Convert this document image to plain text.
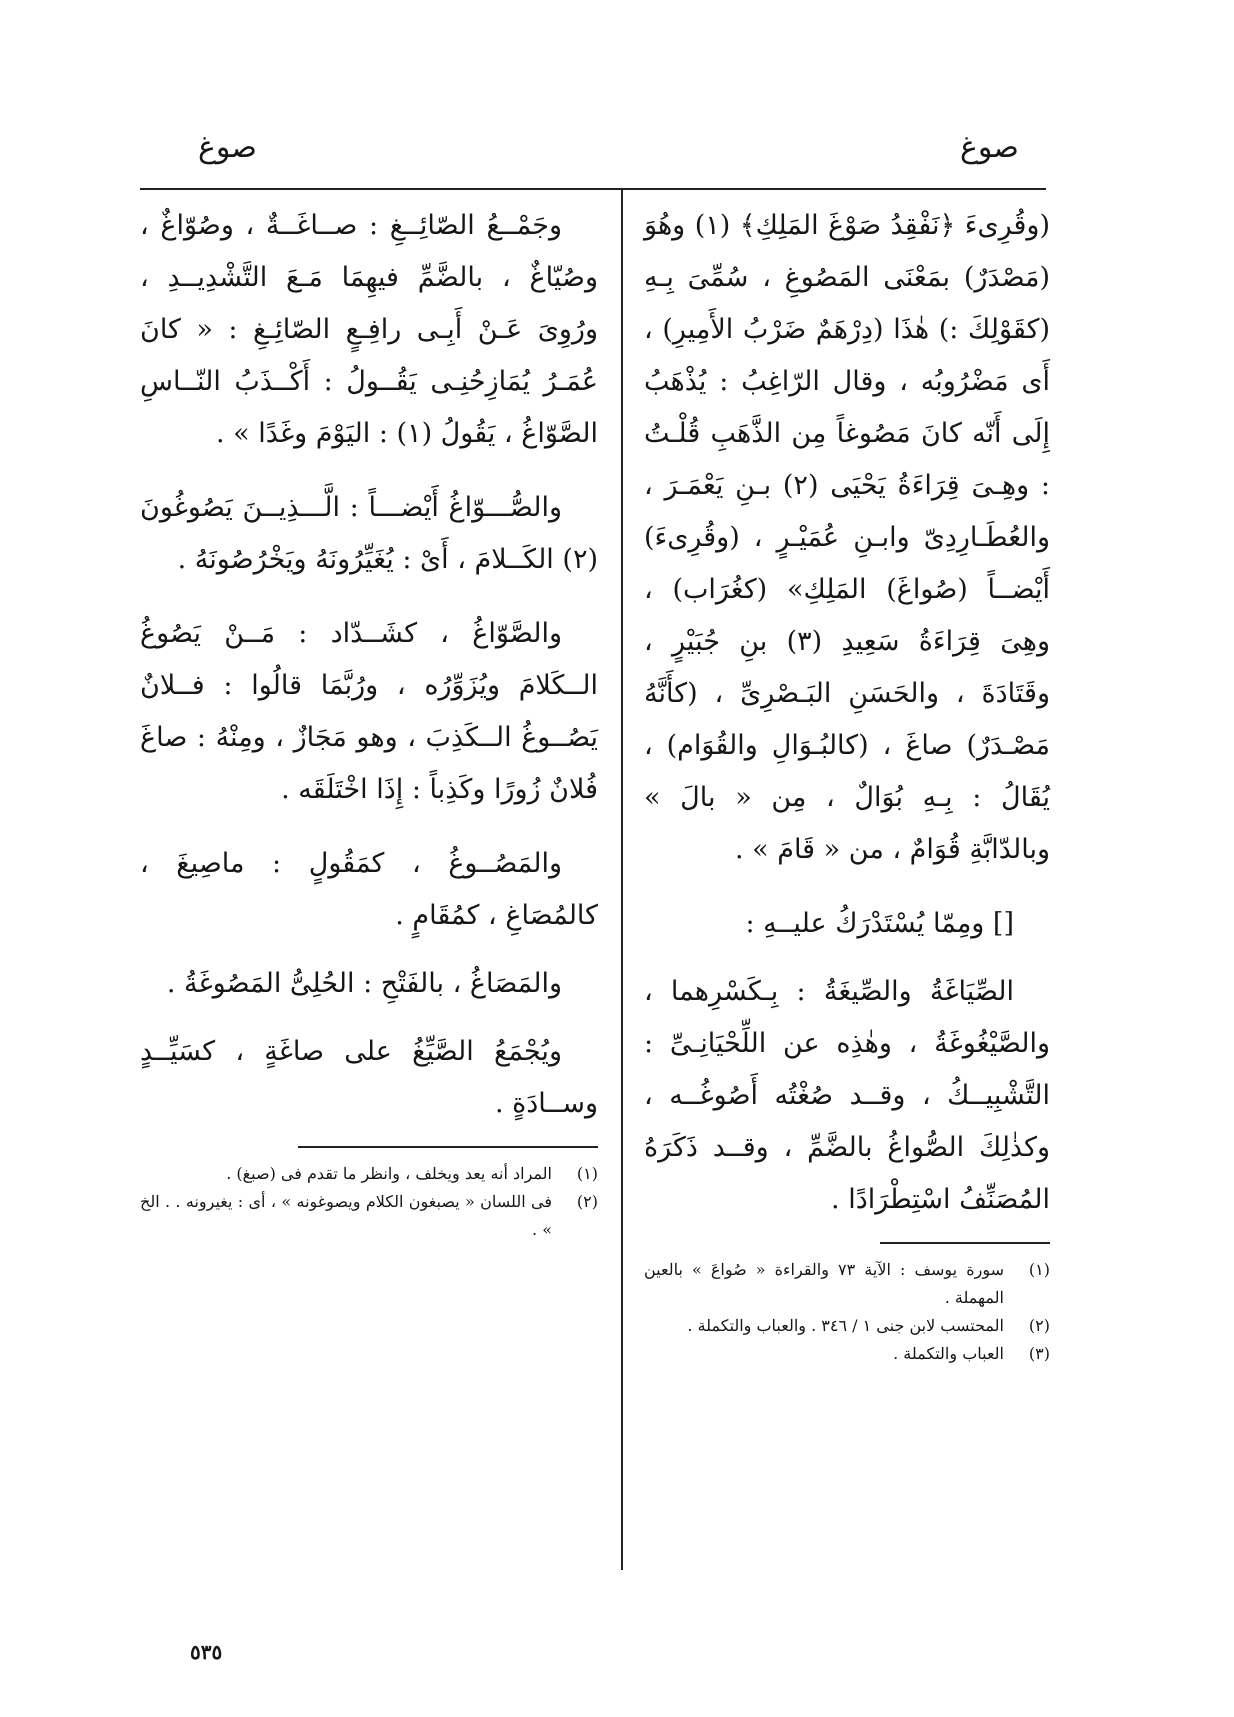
صوغ
صوغ

(وقُرِىءَ ﴿نَفْقِدُ صَوْغَ المَلِكِ﴾ (١) وهُوَ (مَصْدَرٌ) بمَعْنَى المَصُوغِ ، سُمِّىَ بِـهِ (كقَوْلِكَ :) هٰذَا (دِرْهَمٌ ضَرْبُ الأَمِيرِ) ، أَى مَضْرُوبُه ، وقال الرّاغِبُ : يُذْهَبُ إِلَى أَنّه كانَ مَصُوغاً مِن الذَّهَبِ قُلْـتُ : وهِـىَ قِرَاءَةُ يَحْيَى (٢) بـنِ يَعْمَـرَ ، والعُطَـارِدِىّ وابـنِ عُمَيْـرٍ ، (وقُرِىءَ) أَيْضــاً (صُواغَ) المَلِكِ» (كغُرَاب) ، وهِىَ قِرَاءَةُ سَعِيدِ (٣) بنِ جُبَيْرٍ ، وقَتَادَةَ ، والحَسَنِ البَـصْرِىِّ ، (كأَنَّهُ مَصْـدَرٌ) صاغَ ، (كالبُـوَالِ والقُوَام) ، يُقَالُ : بِـهِ بُوَالٌ ، مِن « بالَ » وبالدّابَّةِ قُوَامٌ ، من « قَامَ » .

[] ومِمّا يُسْتَدْرَكُ عليــهِ :

الصِّيَاغَةُ والصِّيغَةُ : بِـكَسْرِهما ، والصَّيْغُوغَةُ ، وهٰذِه عن اللِّحْيَانِـىِّ : التَّشْبِيــكُ ، وقــد صُغْتُه أَصُوغُــه ، وكذٰلِكَ الصُّواغُ بالضَّمِّ ، وقــد ذَكَرَهُ المُصَنِّفُ اسْتِطْرَادًا .

(١)
سورة يوسف : الآية ٧٣ والقراءة « صُواعَ » بالعين المهملة .
(٢)
المحتسب لابن جنى ١ / ٣٤٦ . والعباب والتكملة .
(٣)
العباب والتكملة .

وجَمْــعُ الصّائِــغِ : صــاغَــةٌ ، وصُوّاغٌ ، وصُيّاغٌ ، بالضَّمِّ فيهِمَا مَـعَ التَّشْدِيــدِ ، ورُوِىَ عَـنْ أَبِـى رافِـعٍ الصّائِـغِ : « كانَ عُمَـرُ يُمَازِحُنِـى يَقُــولُ : أَكْــذَبُ النّــاسِ الصَّوّاغُ ، يَقُولُ (١) : اليَوْمَ وغَدًا » .

والصُّـــوّاغُ أَيْضـــاً : الَّـــذِيــنَ يَصُوغُونَ (٢) الكَــلامَ ، أَىْ : يُغَيِّرُونَهُ ويَخْرُصُونَهُ .

والصَّوّاغُ ، كشَــدّاد : مَــنْ يَصُوغُ الــكَلامَ ويُزَوِّرُه ، ورُبَّمَا قالُوا : فــلانٌ يَصُــوغُ الــكَذِبَ ، وهو مَجَازٌ ، ومِنْهُ : صاغَ فُلانٌ زُورًا وكَذِباً : إِذَا اخْتَلَقَه .

والمَصُــوغُ ، كمَقُولٍ : ماصِيغَ ، كالمُصَاغِ ، كمُقَامٍ .

والمَصَاغُ ، بالفَتْحِ : الحُلِىُّ المَصُوغَةُ .

ويُجْمَعُ الصَّيِّغُ على صاغَةٍ ، كسَيِّــدٍ وســادَةٍ .

(١)
المراد أنه يعد ويخلف ، وانظر ما تقدم فى (صبغ) .
(٢)
فى اللسان « يصبغون الكلام ويصوغونه » ، أى : يغيرونه . . الخ » .
٥٣٥
